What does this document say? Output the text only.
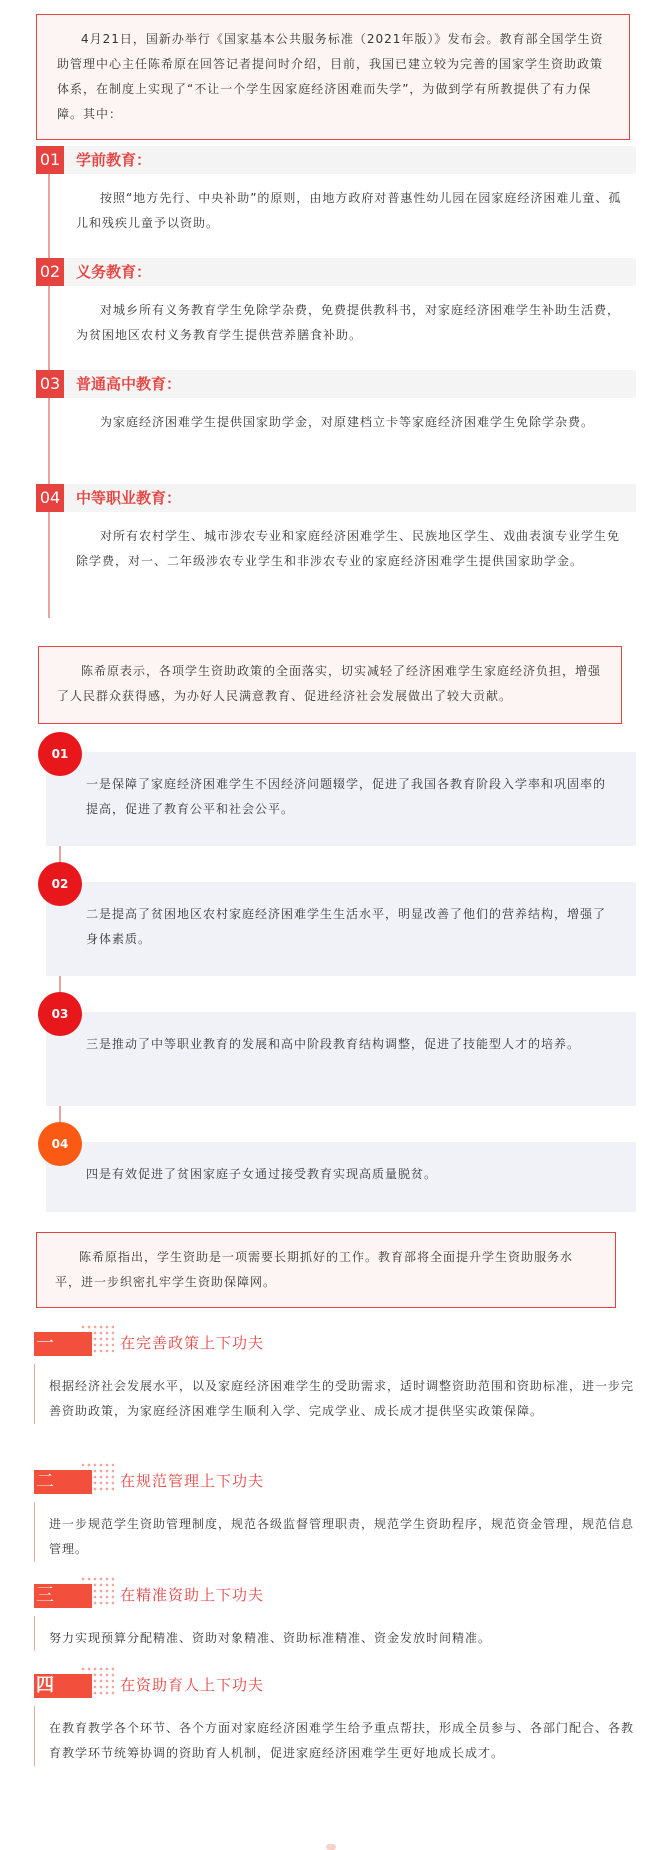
4月21日，国新办举行《国家基本公共服务标准（2021年版）》发布会。教育部全国学生资助管理中心主任陈希原在回答记者提问时介绍，目前，我国已建立较为完善的国家学生资助政策体系，在制度上实现了“不让一个学生因家庭经济困难而失学”，为做到学有所教提供了有力保障。其中：

01 学前教育：

按照“地方先行、中央补助”的原则，由地方政府对普惠性幼儿园在园家庭经济困难儿童、孤儿和残疾儿童予以资助。

02 义务教育：

对城乡所有义务教育学生免除学杂费，免费提供教科书，对家庭经济困难学生补助生活费，为贫困地区农村义务教育学生提供营养膳食补助。

03 普通高中教育：

为家庭经济困难学生提供国家助学金，对原建档立卡等家庭经济困难学生免除学杂费。

04 中等职业教育：

对所有农村学生、城市涉农专业和家庭经济困难学生、民族地区学生、戏曲表演专业学生免除学费，对一、二年级涉农专业学生和非涉农专业的家庭经济困难学生提供国家助学金。

陈希原表示，各项学生资助政策的全面落实，切实减轻了经济困难学生家庭经济负担，增强了人民群众获得感，为办好人民满意教育、促进经济社会发展做出了较大贡献。

一是保障了家庭经济困难学生不因经济问题辍学，促进了我国各教育阶段入学率和巩固率的提高，促进了教育公平和社会公平。

01

二是提高了贫困地区农村家庭经济困难学生生活水平，明显改善了他们的营养结构，增强了身体素质。

02

三是推动了中等职业教育的发展和高中阶段教育结构调整，促进了技能型人才的培养。

03

四是有效促进了贫困家庭子女通过接受教育实现高质量脱贫。

04

陈希原指出，学生资助是一项需要长期抓好的工作。教育部将全面提升学生资助服务水平，进一步织密扎牢学生资助保障网。

一	在完善政策上下功夫

根据经济社会发展水平，以及家庭经济困难学生的受助需求，适时调整资助范围和资助标准，进一步完善资助政策，为家庭经济困难学生顺利入学、完成学业、成长成才提供坚实政策保障。

二	在规范管理上下功夫

进一步规范学生资助管理制度，规范各级监督管理职责，规范学生资助程序，规范资金管理，规范信息管理。

三	在精准资助上下功夫

努力实现预算分配精准、资助对象精准、资助标准精准、资金发放时间精准。

四	在资助育人上下功夫

在教育教学各个环节、各个方面对家庭经济困难学生给予重点帮扶，形成全员参与、各部门配合、各教育教学环节统筹协调的资助育人机制，促进家庭经济困难学生更好地成长成才。
